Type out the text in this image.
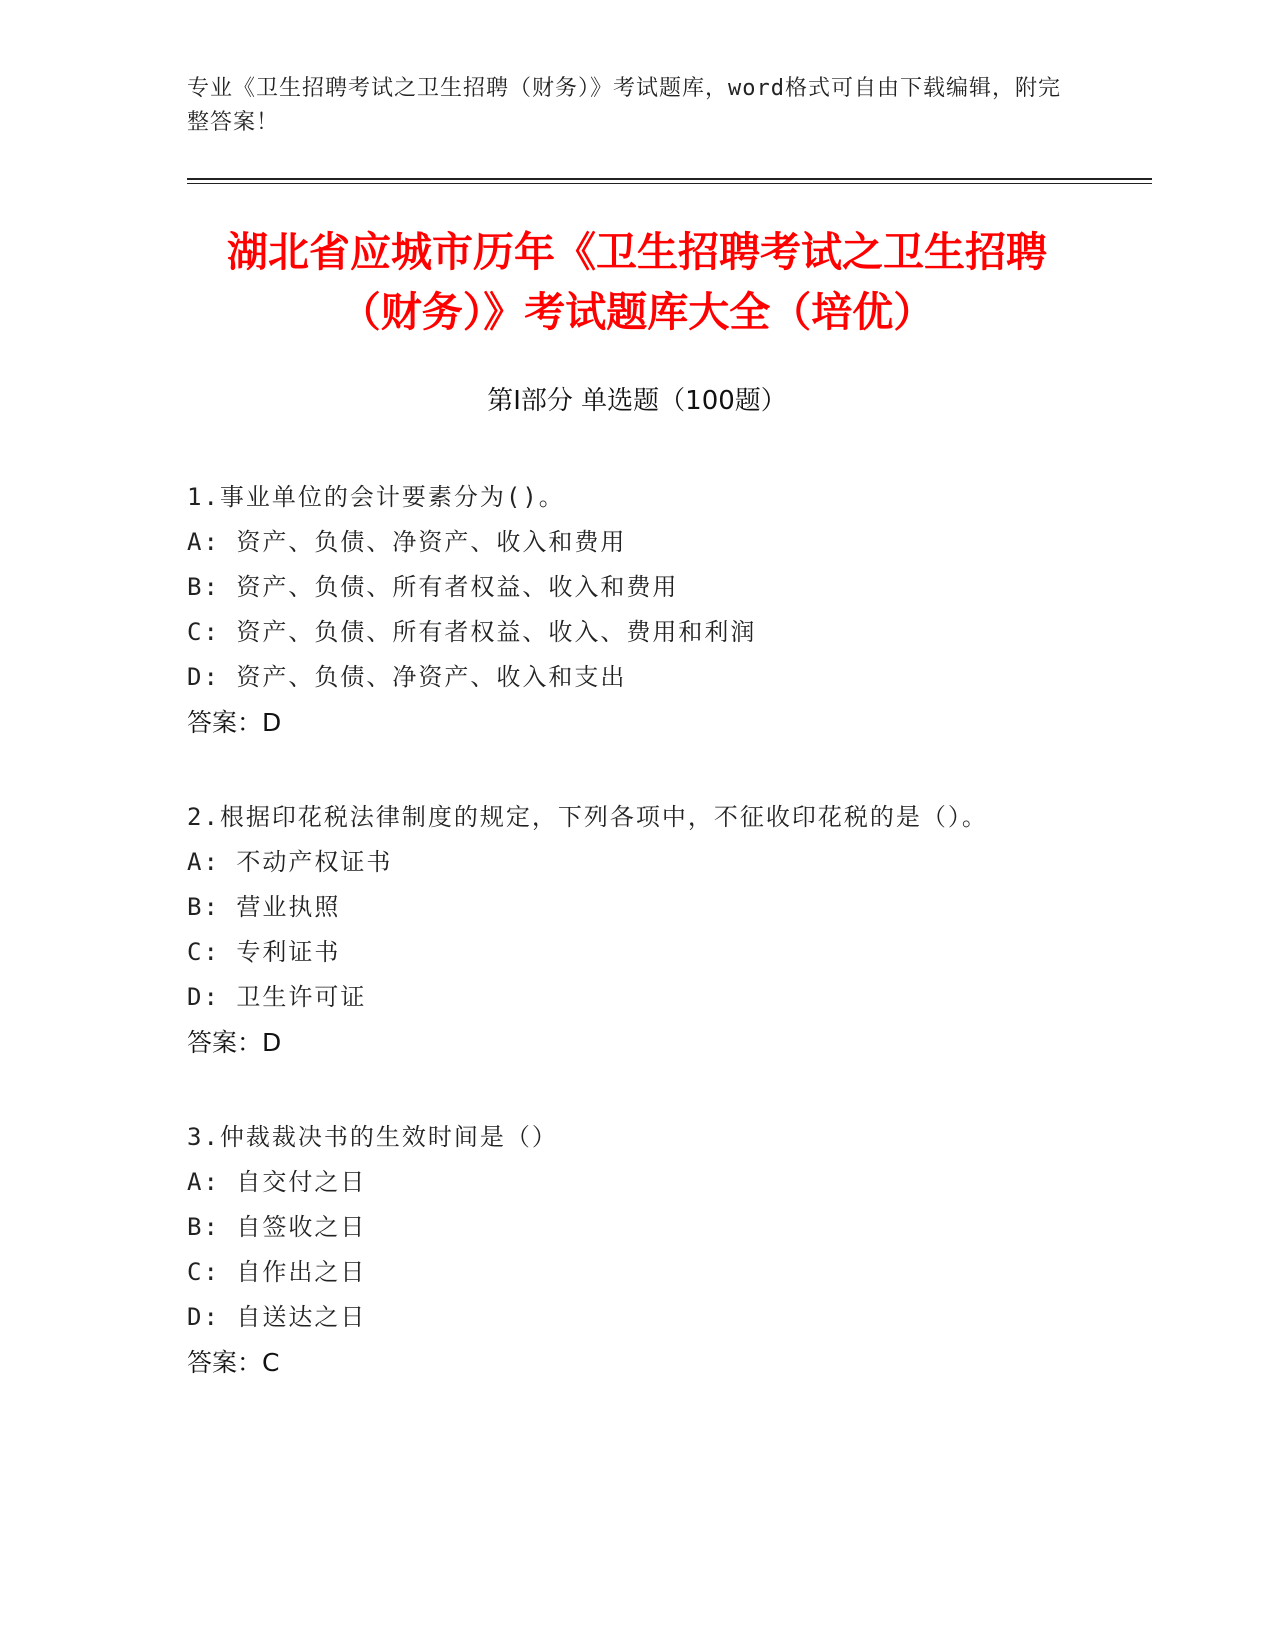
专业《卫生招聘考试之卫生招聘（财务）》考试题库，word格式可自由下载编辑，附完整答案！
湖北省应城市历年《卫生招聘考试之卫生招聘（财务）》考试题库大全（培优）
第Ⅰ部分 单选题（100题）
1.事业单位的会计要素分为()。
A: 资产、负债、净资产、收入和费用
B: 资产、负债、所有者权益、收入和费用
C: 资产、负债、所有者权益、收入、费用和利润
D: 资产、负债、净资产、收入和支出
答案：D
2.根据印花税法律制度的规定，下列各项中，不征收印花税的是（）。
A: 不动产权证书
B: 营业执照
C: 专利证书
D: 卫生许可证
答案：D
3.仲裁裁决书的生效时间是（）
A: 自交付之日
B: 自签收之日
C: 自作出之日
D: 自送达之日
答案：C
